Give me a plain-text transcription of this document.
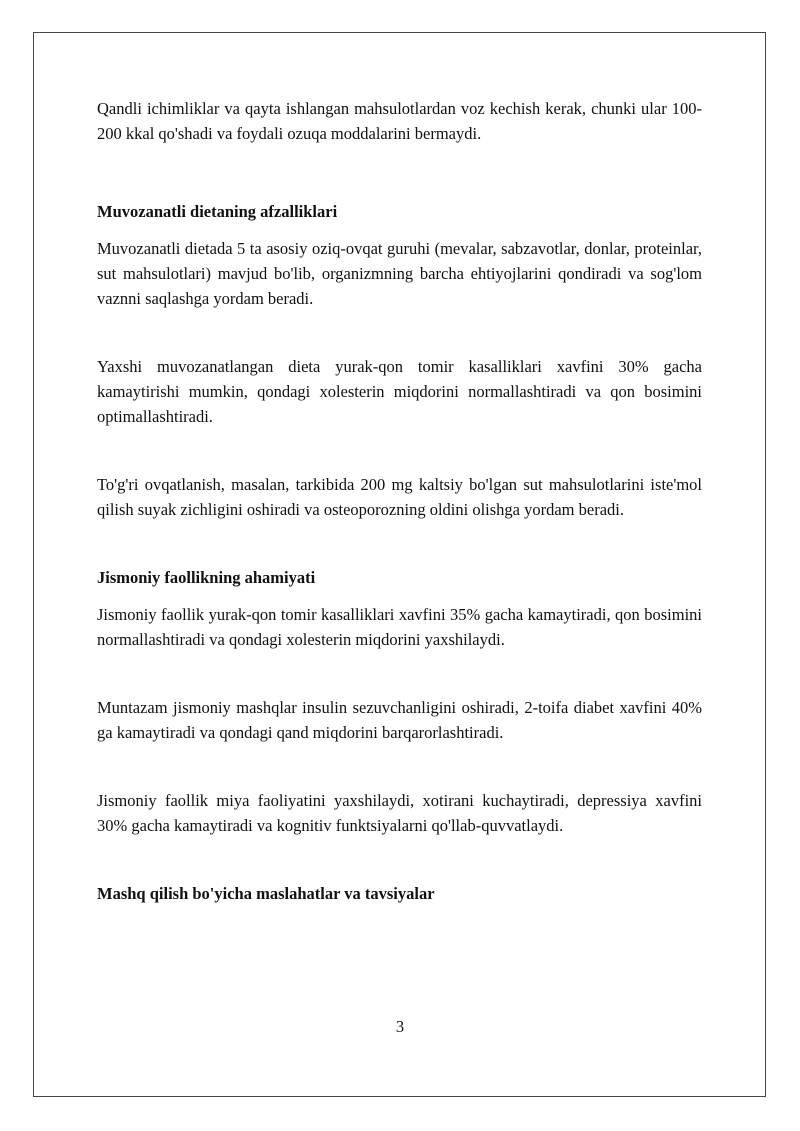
Qandli ichimliklar va qayta ishlangan mahsulotlardan voz kechish kerak, chunki ular 100-200 kkal qo'shadi va foydali ozuqa moddalarini bermaydi.

Muvozanatli dietaning afzalliklari

Muvozanatli dietada 5 ta asosiy oziq-ovqat guruhi (mevalar, sabzavotlar, donlar, proteinlar, sut mahsulotlari) mavjud bo'lib, organizmning barcha ehtiyojlarini qondiradi va sog'lom vaznni saqlashga yordam beradi.

Yaxshi muvozanatlangan dieta yurak-qon tomir kasalliklari xavfini 30% gacha kamaytirishi mumkin, qondagi xolesterin miqdorini normallashtiradi va qon bosimini optimallashtiradi.

To'g'ri ovqatlanish, masalan, tarkibida 200 mg kaltsiy bo'lgan sut mahsulotlarini iste'mol qilish suyak zichligini oshiradi va osteoporozning oldini olishga yordam beradi.

Jismoniy faollikning ahamiyati

Jismoniy faollik yurak-qon tomir kasalliklari xavfini 35% gacha kamaytiradi, qon bosimini normallashtiradi va qondagi xolesterin miqdorini yaxshilaydi.

Muntazam jismoniy mashqlar insulin sezuvchanligini oshiradi, 2-toifa diabet xavfini 40% ga kamaytiradi va qondagi qand miqdorini barqarorlashtiradi.

Jismoniy faollik miya faoliyatini yaxshilaydi, xotirani kuchaytiradi, depressiya xavfini 30% gacha kamaytiradi va kognitiv funktsiyalarni qo'llab-quvvatlaydi.

Mashq qilish bo'yicha maslahatlar va tavsiyalar

3
